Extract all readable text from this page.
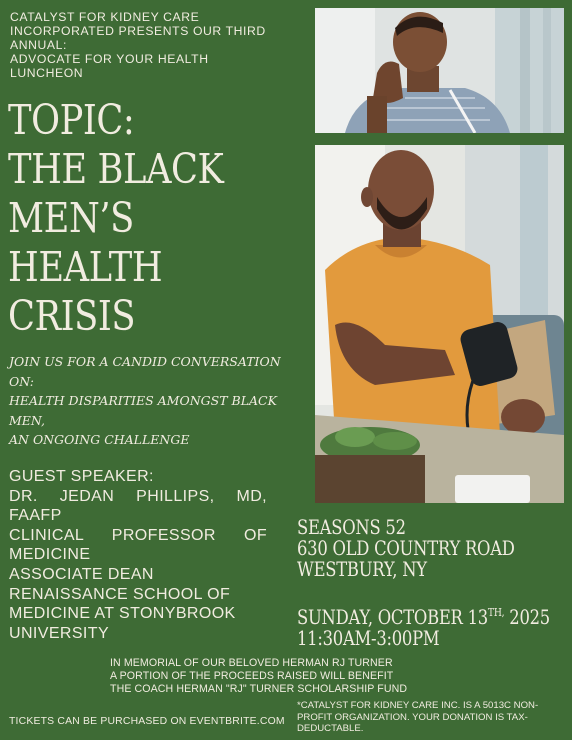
CATALYST FOR KIDNEY CARE
INCORPORATED PRESENTS OUR THIRD
ANNUAL:
ADVOCATE FOR YOUR HEALTH
LUNCHEON
TOPIC:
THE BLACK
MEN’S
HEALTH
CRISIS
JOIN US FOR A CANDID CONVERSATION
ON:
HEALTH DISPARITIES AMONGST BLACK
MEN,
AN ONGOING CHALLENGE
GUEST SPEAKER:
DR. JEDAN PHILLIPS, MD,
FAAFP
CLINICAL PROFESSOR OF
MEDICINE
ASSOCIATE DEAN
RENAISSANCE SCHOOL OF
MEDICINE AT STONYBROOK
UNIVERSITY
SEASONS 52
630 OLD COUNTRY ROAD
WESTBURY, NY
SUNDAY, OCTOBER $13^{TH,}$ 2025
11:30AM-3:00PM
IN MEMORIAL OF OUR BELOVED HERMAN RJ TURNER
A PORTION OF THE PROCEEDS RAISED WILL BENEFIT
THE COACH HERMAN "RJ" TURNER SCHOLARSHIP FUND
TICKETS CAN BE PURCHASED ON EVENTBRITE.COM
*CATALYST FOR KIDNEY CARE INC. IS A 5013C NON-
PROFIT ORGANIZATION. YOUR DONATION IS TAX-
DEDUCTABLE.
